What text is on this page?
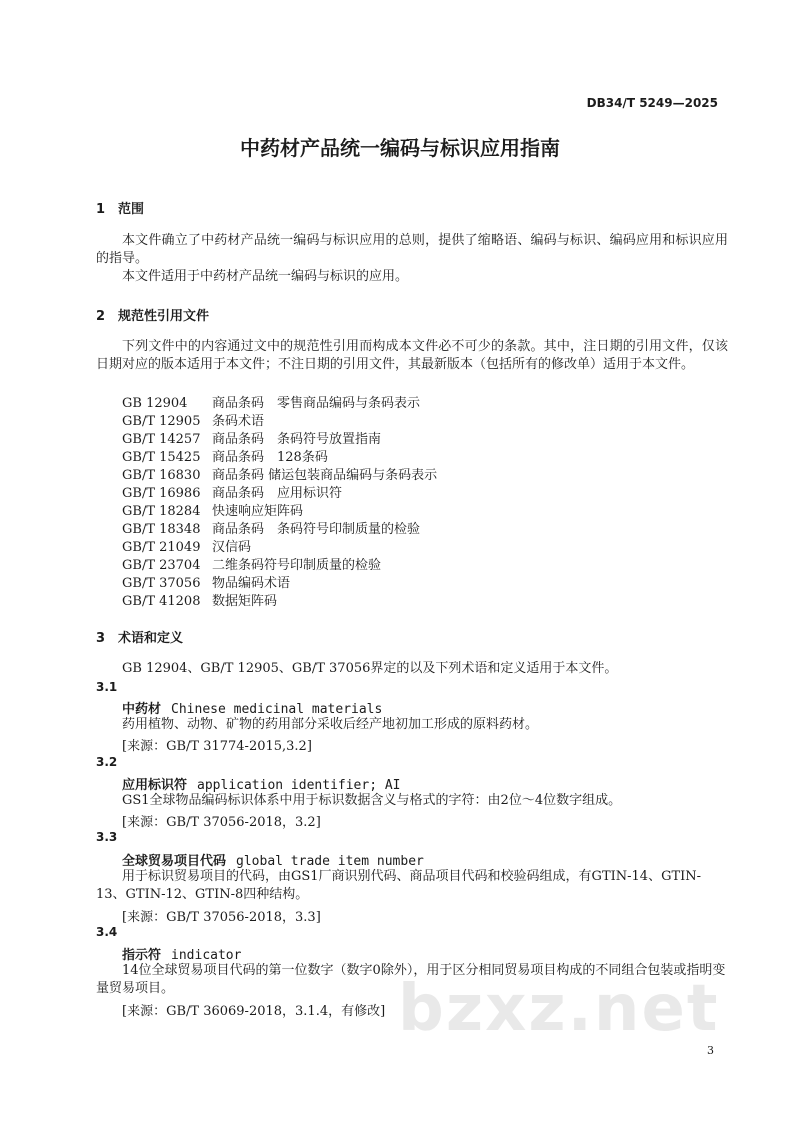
DB34/T 5249—2025
中药材产品统一编码与标识应用指南
1 范围
本文件确立了中药材产品统一编码与标识应用的总则，提供了缩略语、编码与标识、编码应用和标识应用的指导。
本文件适用于中药材产品统一编码与标识的应用。
2 规范性引用文件
下列文件中的内容通过文中的规范性引用而构成本文件必不可少的条款。其中，注日期的引用文件，仅该日期对应的版本适用于本文件；不注日期的引用文件，其最新版本（包括所有的修改单）适用于本文件。
GB 12904 商品条码　零售商品编码与条码表示
GB/T 12905 条码术语
GB/T 14257 商品条码　条码符号放置指南
GB/T 15425 商品条码　128条码
GB/T 16830 商品条码 储运包装商品编码与条码表示
GB/T 16986 商品条码　应用标识符
GB/T 18284 快速响应矩阵码
GB/T 18348 商品条码　条码符号印制质量的检验
GB/T 21049 汉信码
GB/T 23704 二维条码符号印制质量的检验
GB/T 37056 物品编码术语
GB/T 41208 数据矩阵码
3 术语和定义
GB 12904、GB/T 12905、GB/T 37056界定的以及下列术语和定义适用于本文件。
3.1
中药材 Chinese medicinal materials
药用植物、动物、矿物的药用部分采收后经产地初加工形成的原料药材。
[来源：GB/T 31774-2015,3.2]
3.2
应用标识符 application identifier; AI
GS1全球物品编码标识体系中用于标识数据含义与格式的字符：由2位～4位数字组成。
[来源：GB/T 37056-2018，3.2]
3.3
全球贸易项目代码 global trade item number
用于标识贸易项目的代码，由GS1厂商识别代码、商品项目代码和校验码组成，有GTIN-14、GTIN-13、GTIN-12、GTIN-8四种结构。
[来源：GB/T 37056-2018，3.3]
3.4
指示符 indicator
14位全球贸易项目代码的第一位数字（数字0除外），用于区分相同贸易项目构成的不同组合包装或指明变量贸易项目。
[来源：GB/T 36069-2018，3.1.4，有修改] bzxz.net
3
